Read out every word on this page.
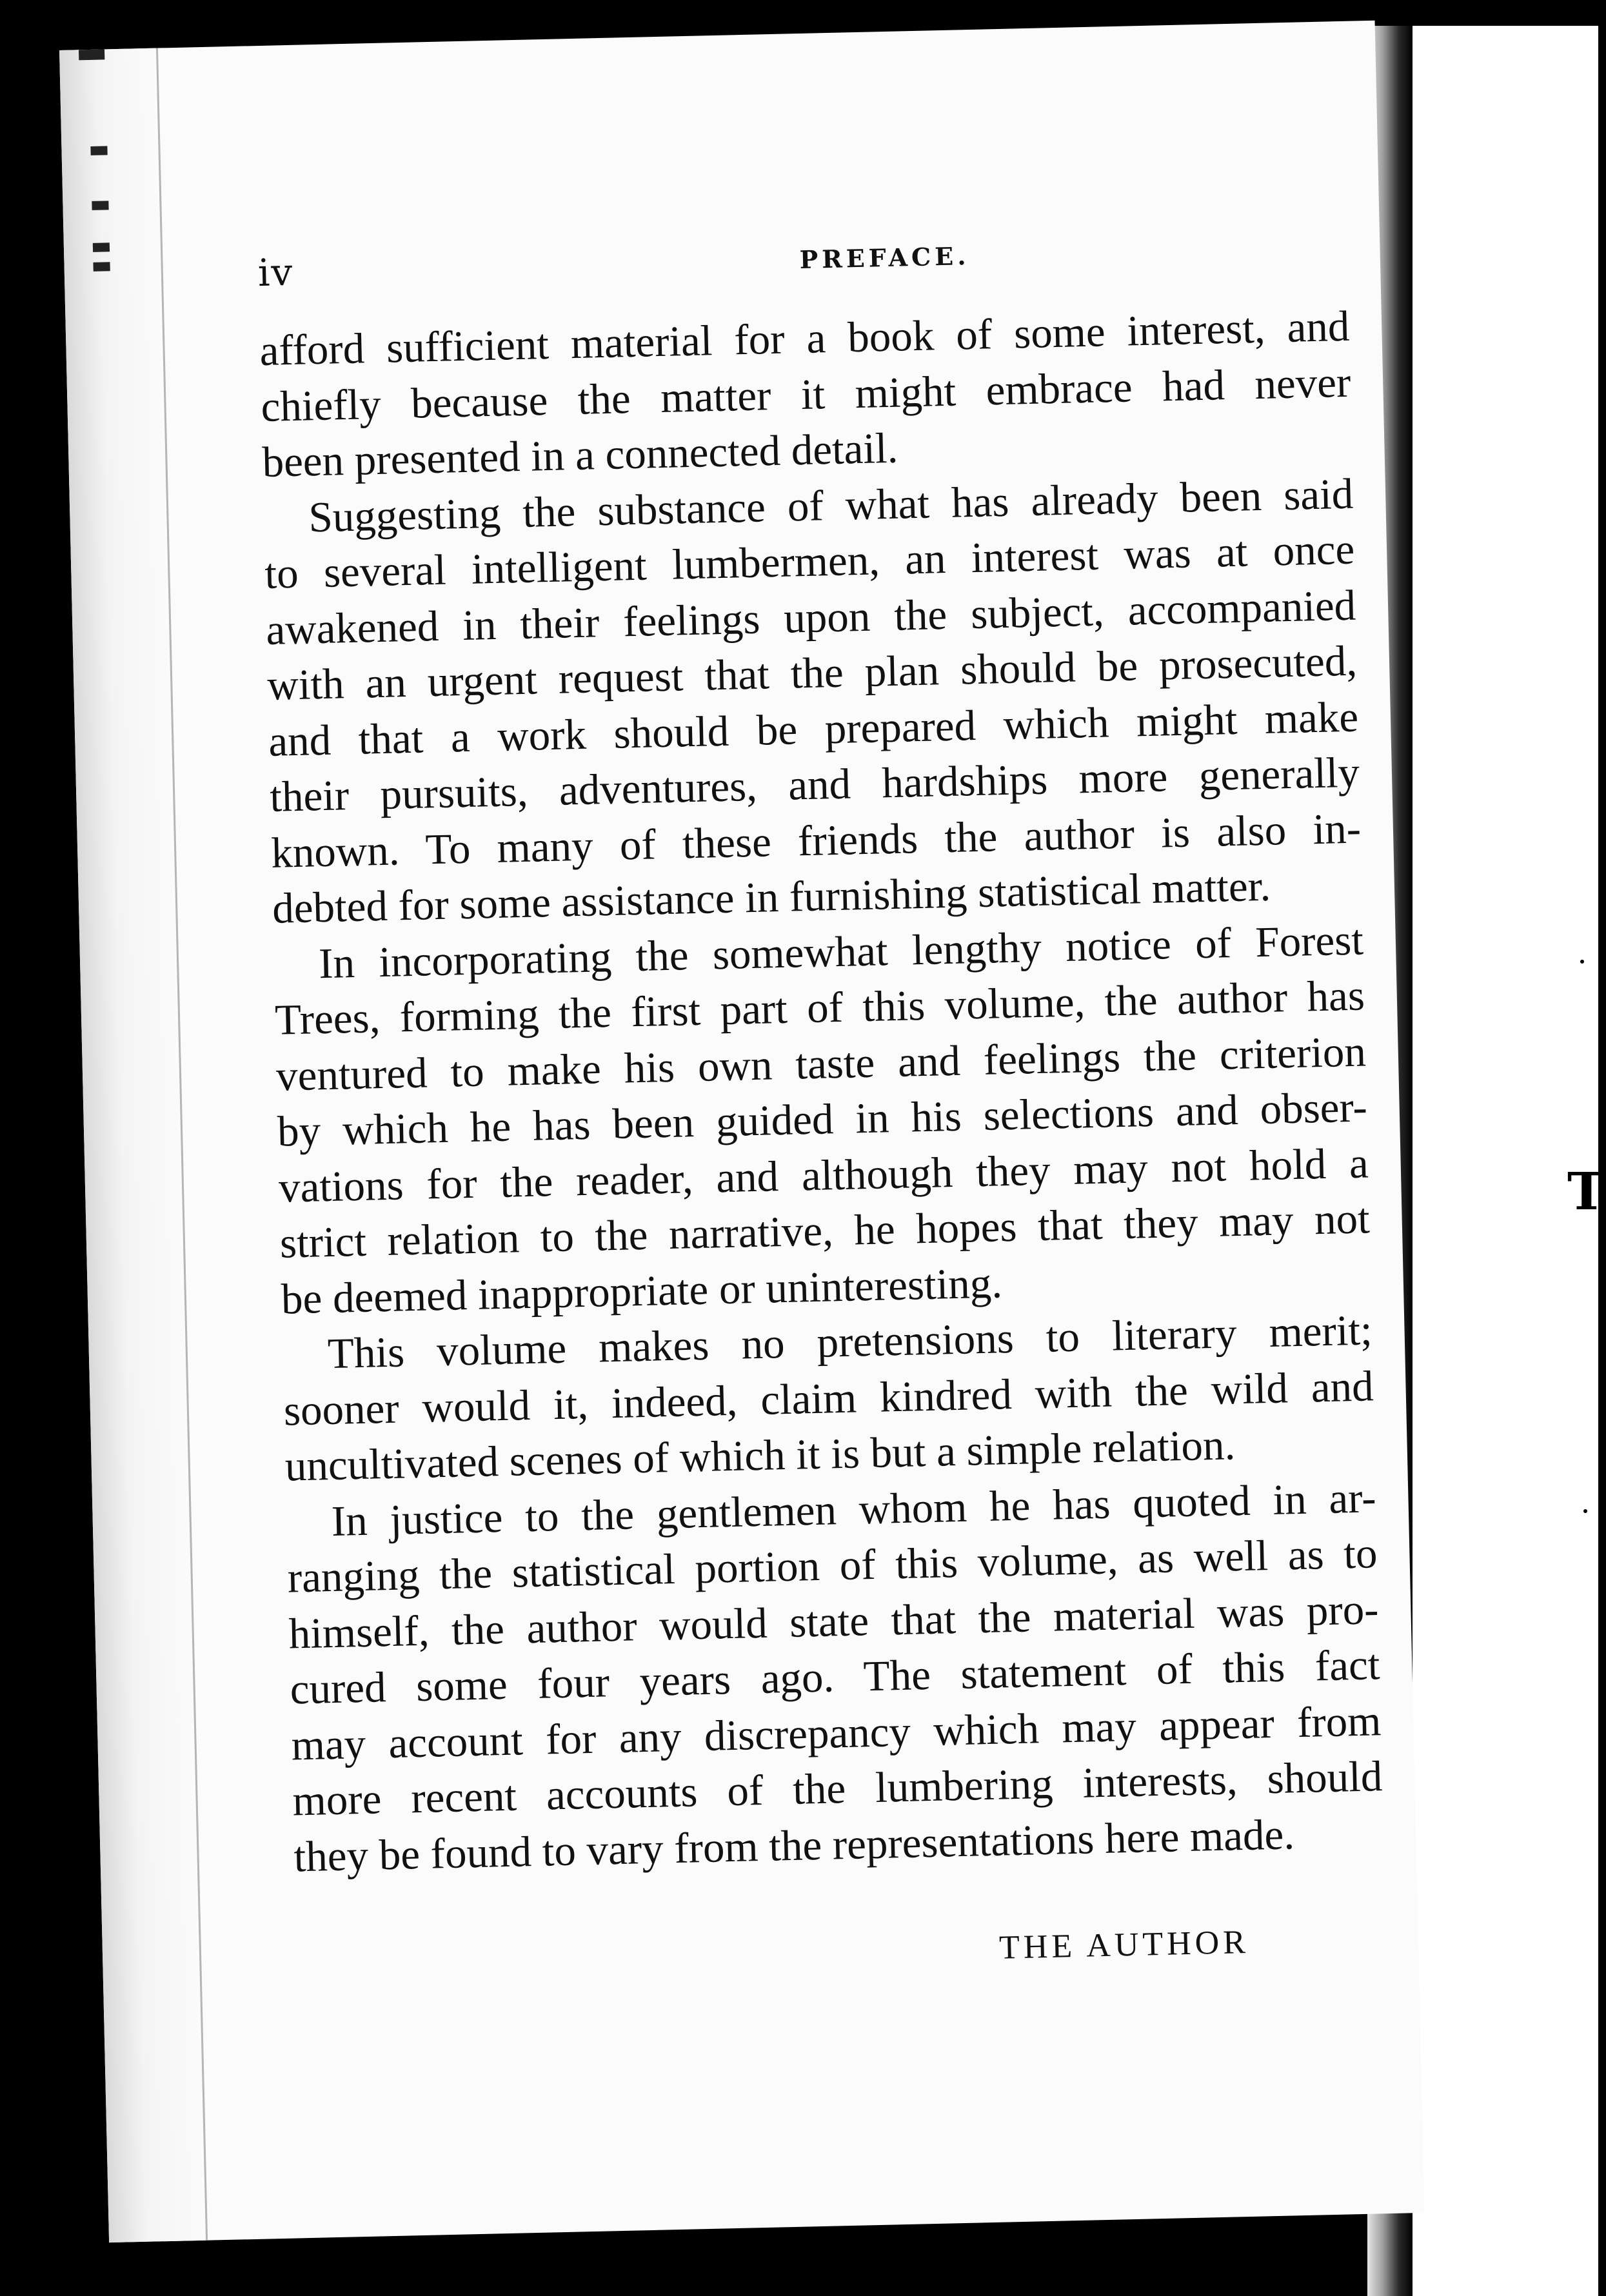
T
iv	PREFACE.
afford sufficient material for a book of some interest, and
chiefly because the matter it might embrace had never
been presented in a connected detail.
Suggesting the substance of what has already been said
to several intelligent lumbermen, an interest was at once
awakened in their feelings upon the subject, accompanied
with an urgent request that the plan should be prosecuted,
and that a work should be prepared which might make
their pursuits, adventures, and hardships more generally
known. To many of these friends the author is also in-
debted for some assistance in furnishing statistical matter.
In incorporating the somewhat lengthy notice of Forest
Trees, forming the first part of this volume, the author has
ventured to make his own taste and feelings the criterion
by which he has been guided in his selections and obser-
vations for the reader, and although they may not hold a
strict relation to the narrative, he hopes that they may not
be deemed inappropriate or uninteresting.
This volume makes no pretensions to literary merit;
sooner would it, indeed, claim kindred with the wild and
uncultivated scenes of which it is but a simple relation.
In justice to the gentlemen whom he has quoted in ar-
ranging the statistical portion of this volume, as well as to
himself, the author would state that the material was pro-
cured some four years ago. The statement of this fact
may account for any discrepancy which may appear from
more recent accounts of the lumbering interests, should
they be found to vary from the representations here made.
THE AUTHOR
